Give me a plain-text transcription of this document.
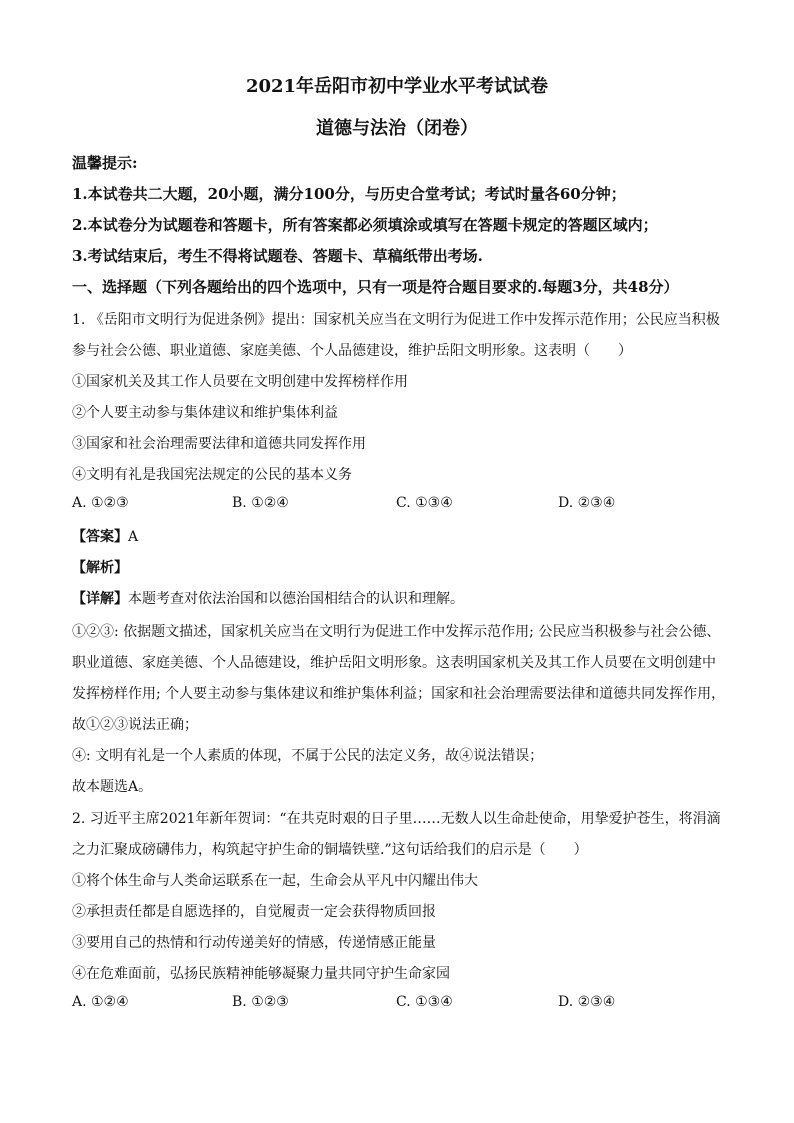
2021年岳阳市初中学业水平考试试卷
道德与法治（闭卷）
温馨提示:
1.本试卷共二大题，20小题，满分100分，与历史合堂考试；考试时量各60分钟；
2.本试卷分为试题卷和答题卡，所有答案都必须填涂或填写在答题卡规定的答题区域内；
3.考试结束后，考生不得将试题卷、答题卡、草稿纸带出考场.
一、选择题（下列各题给出的四个选项中，只有一项是符合题目要求的.每题3分，共48分）
1. 《岳阳市文明行为促进条例》提出：国家机关应当在文明行为促进工作中发挥示范作用；公民应当积极
参与社会公德、职业道德、家庭美德、个人品德建设，维护岳阳文明形象。这表明（　　）
①国家机关及其工作人员要在文明创建中发挥榜样作用
②个人要主动参与集体建议和维护集体利益
③国家和社会治理需要法律和道德共同发挥作用
④文明有礼是我国宪法规定的公民的基本义务
A. ①②③	B. ①②④	C. ①③④	D. ②③④
【答案】A
【解析】
【详解】本题考查对依法治国和以德治国相结合的认识和理解。
①②③: 依据题文描述，国家机关应当在文明行为促进工作中发挥示范作用; 公民应当积极参与社会公德、
职业道德、家庭美德、个人品德建设，维护岳阳文明形象。这表明国家机关及其工作人员要在文明创建中
发挥榜样作用; 个人要主动参与集体建议和维护集体利益；国家和社会治理需要法律和道德共同发挥作用，
故①②③说法正确；
④: 文明有礼是一个人素质的体现，不属于公民的法定义务，故④说法错误；
故本题选A。
2. 习近平主席2021年新年贺词：“在共克时艰的日子里……无数人以生命赴使命，用挚爱护苍生，将涓滴
之力汇聚成磅礴伟力，构筑起守护生命的铜墙铁壁.”这句话给我们的启示是（　　）
①将个体生命与人类命运联系在一起，生命会从平凡中闪耀出伟大
②承担责任都是自愿选择的，自觉履责一定会获得物质回报
③要用自己的热情和行动传递美好的情感，传递情感正能量
④在危难面前，弘扬民族精神能够凝聚力量共同守护生命家园
A. ①②④	B. ①②③	C. ①③④	D. ②③④
